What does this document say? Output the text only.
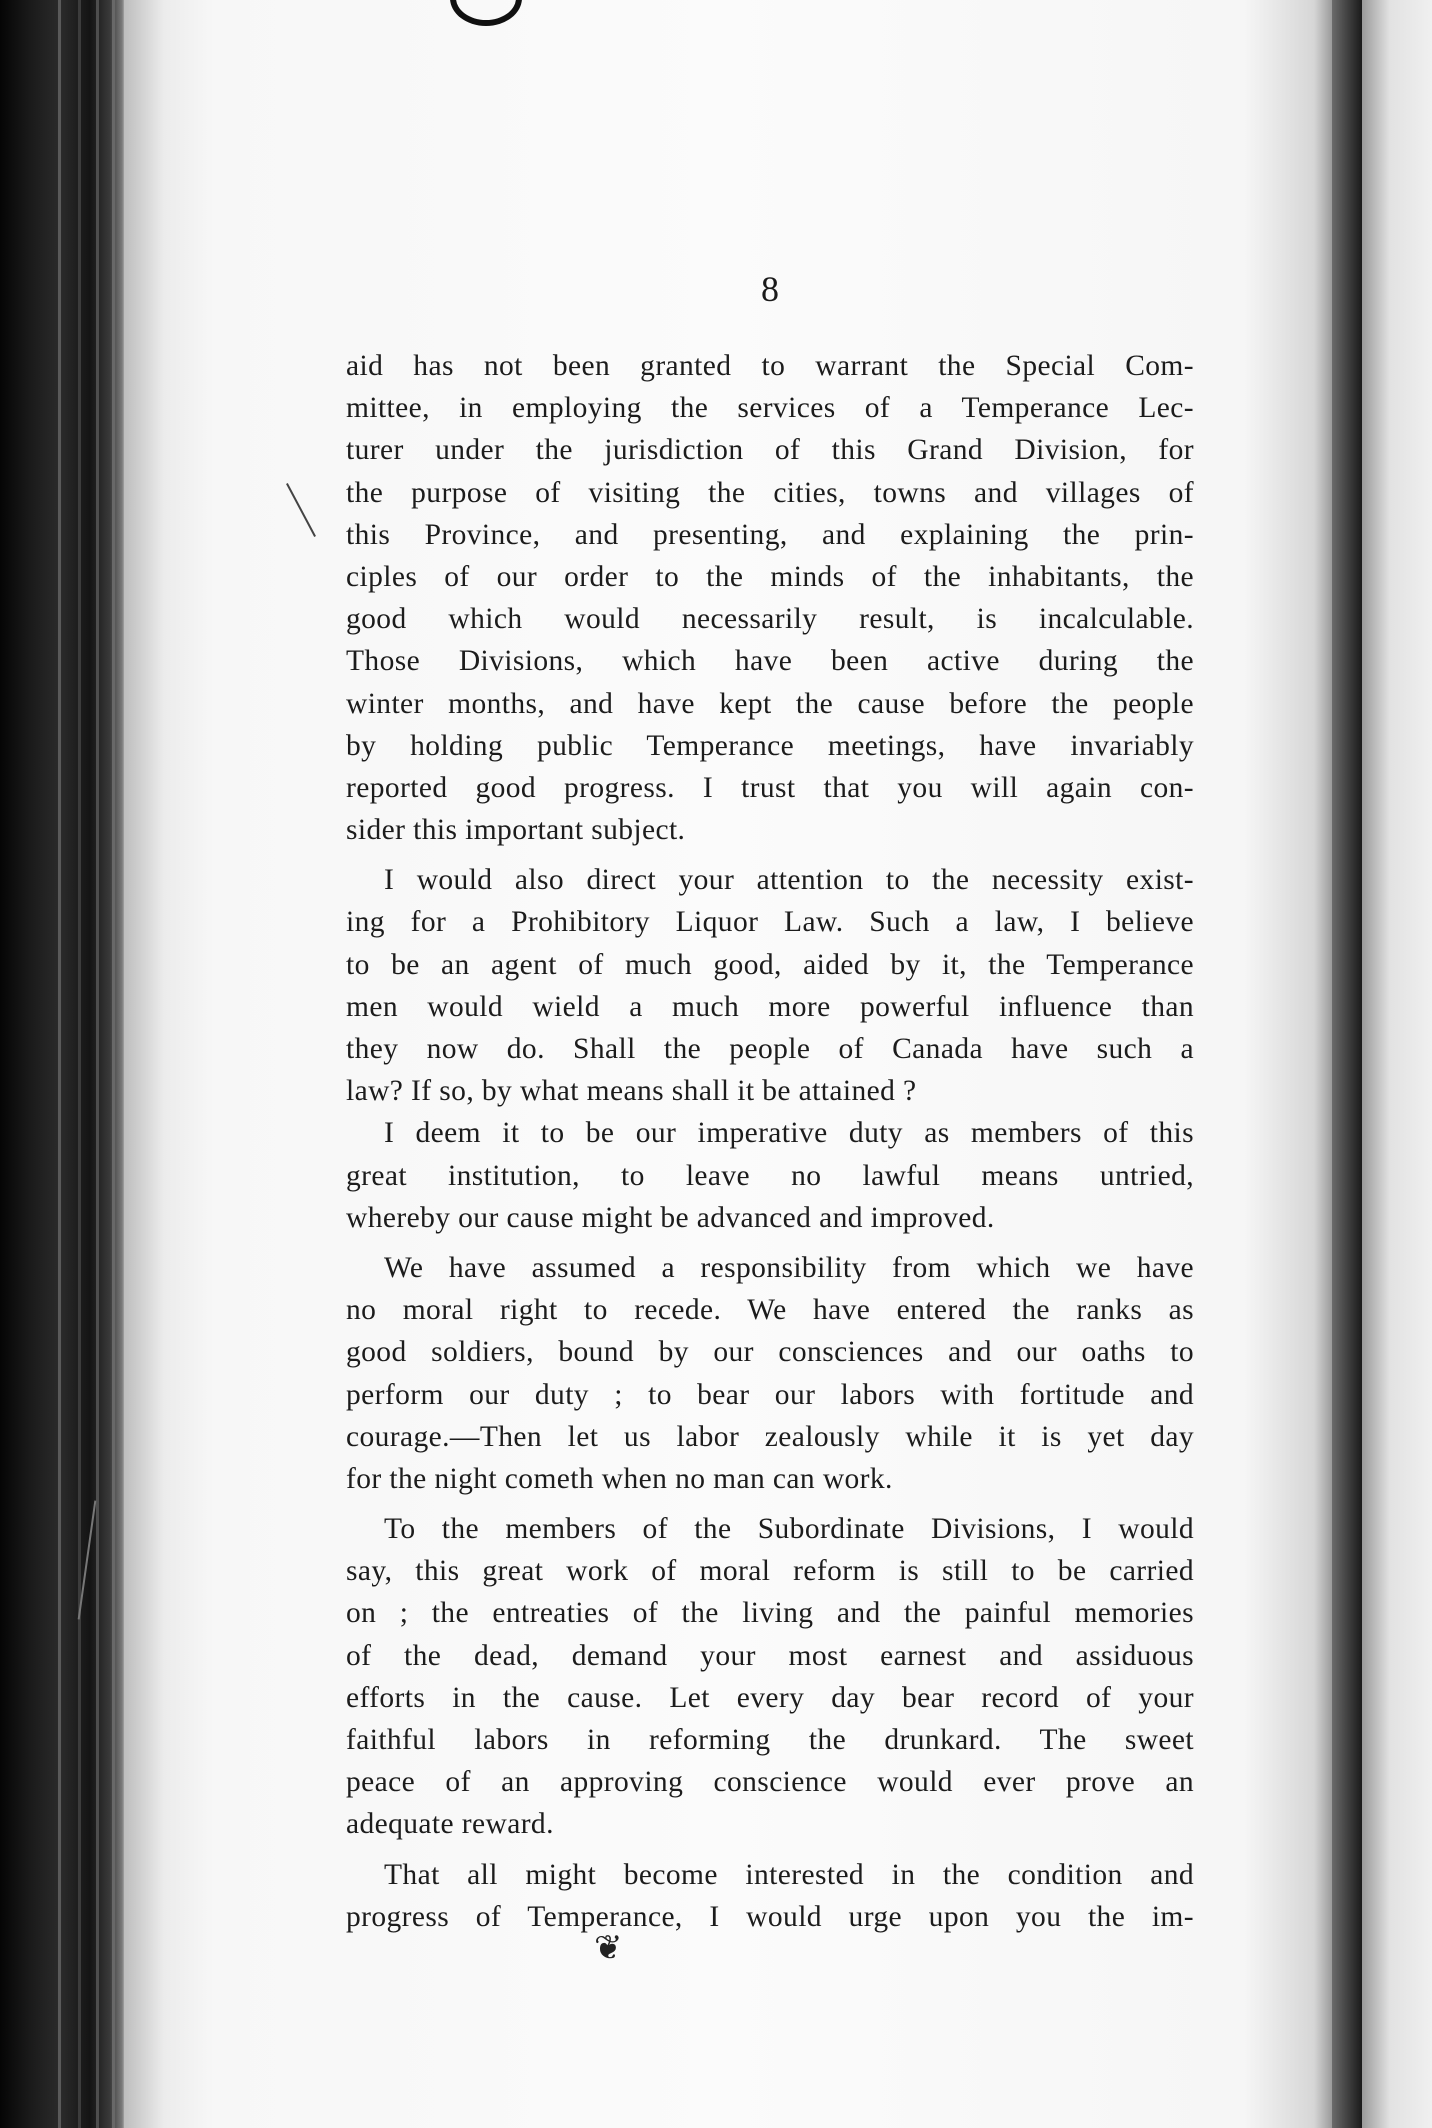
8
aid has not been granted to warrant the Special Com-
mittee, in employing the services of a Temperance Lec-
turer under the jurisdiction of this Grand Division, for
the purpose of visiting the cities, towns and villages of
this Province, and presenting, and explaining the prin-
ciples of our order to the minds of the inhabitants, the
good which would necessarily result, is incalculable.
Those Divisions, which have been active during the
winter months, and have kept the cause before the people
by holding public Temperance meetings, have invariably
reported good progress. I trust that you will again con-
sider this important subject.
I would also direct your attention to the necessity exist-
ing for a Prohibitory Liquor Law. Such a law, I believe
to be an agent of much good, aided by it, the Temperance
men would wield a much more powerful influence than
they now do. Shall the people of Canada have such a
law? If so, by what means shall it be attained ?
I deem it to be our imperative duty as members of this
great institution, to leave no lawful means untried,
whereby our cause might be advanced and improved.
We have assumed a responsibility from which we have
no moral right to recede. We have entered the ranks as
good soldiers, bound by our consciences and our oaths to
perform our duty ; to bear our labors with fortitude and
courage.—Then let us labor zealously while it is yet day
for the night cometh when no man can work.
To the members of the Subordinate Divisions, I would
say, this great work of moral reform is still to be carried
on ; the entreaties of the living and the painful memories
of the dead, demand your most earnest and assiduous
efforts in the cause. Let every day bear record of your
faithful labors in reforming the drunkard. The sweet
peace of an approving conscience would ever prove an
adequate reward.
That all might become interested in the condition and
progress of Temperance, I would urge upon you the im-
❦
